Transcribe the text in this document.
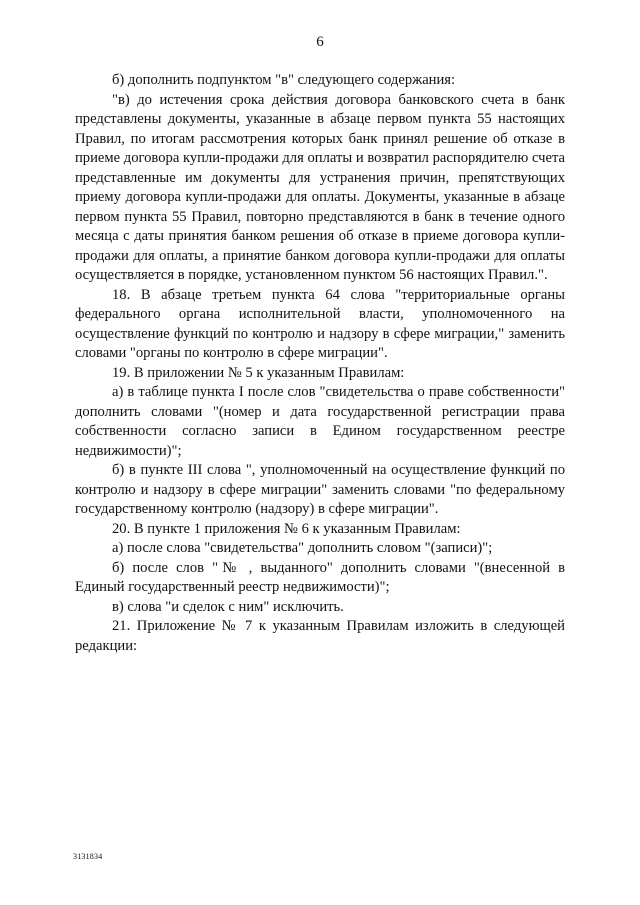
6

б) дополнить подпунктом "в" следующего содержания:

"в) до истечения срока действия договора банковского счета в банк представлены документы, указанные в абзаце первом пункта 55 настоящих Правил, по итогам рассмотрения которых банк принял решение об отказе в приеме договора купли-продажи для оплаты и возвратил распорядителю счета представленные им документы для устранения причин, препятствующих приему договора купли-продажи для оплаты. Документы, указанные в абзаце первом пункта 55 Правил, повторно представляются в банк в течение одного месяца с даты принятия банком решения об отказе в приеме договора купли-продажи для оплаты, а принятие банком договора купли-продажи для оплаты осуществляется в порядке, установленном пунктом 56 настоящих Правил.".

18. В абзаце третьем пункта 64 слова "территориальные органы федерального органа исполнительной власти, уполномоченного на осуществление функций по контролю и надзору в сфере миграции," заменить словами "органы по контролю в сфере миграции".

19. В приложении № 5 к указанным Правилам:

а) в таблице пункта I после слов "свидетельства о праве собственности" дополнить словами "(номер и дата государственной регистрации права собственности согласно записи в Едином государственном реестре недвижимости)";

б) в пункте III слова ", уполномоченный на осуществление функций по контролю и надзору в сфере миграции" заменить словами "по федеральному государственному контролю (надзору) в сфере миграции".

20. В пункте 1 приложения № 6 к указанным Правилам:

а) после слова "свидетельства" дополнить словом "(записи)";

б) после слов "№ , выданного" дополнить словами "(внесенной в Единый государственный реестр недвижимости)";

в) слова "и сделок с ним" исключить.

21. Приложение № 7 к указанным Правилам изложить в следующей редакции:

3131834
